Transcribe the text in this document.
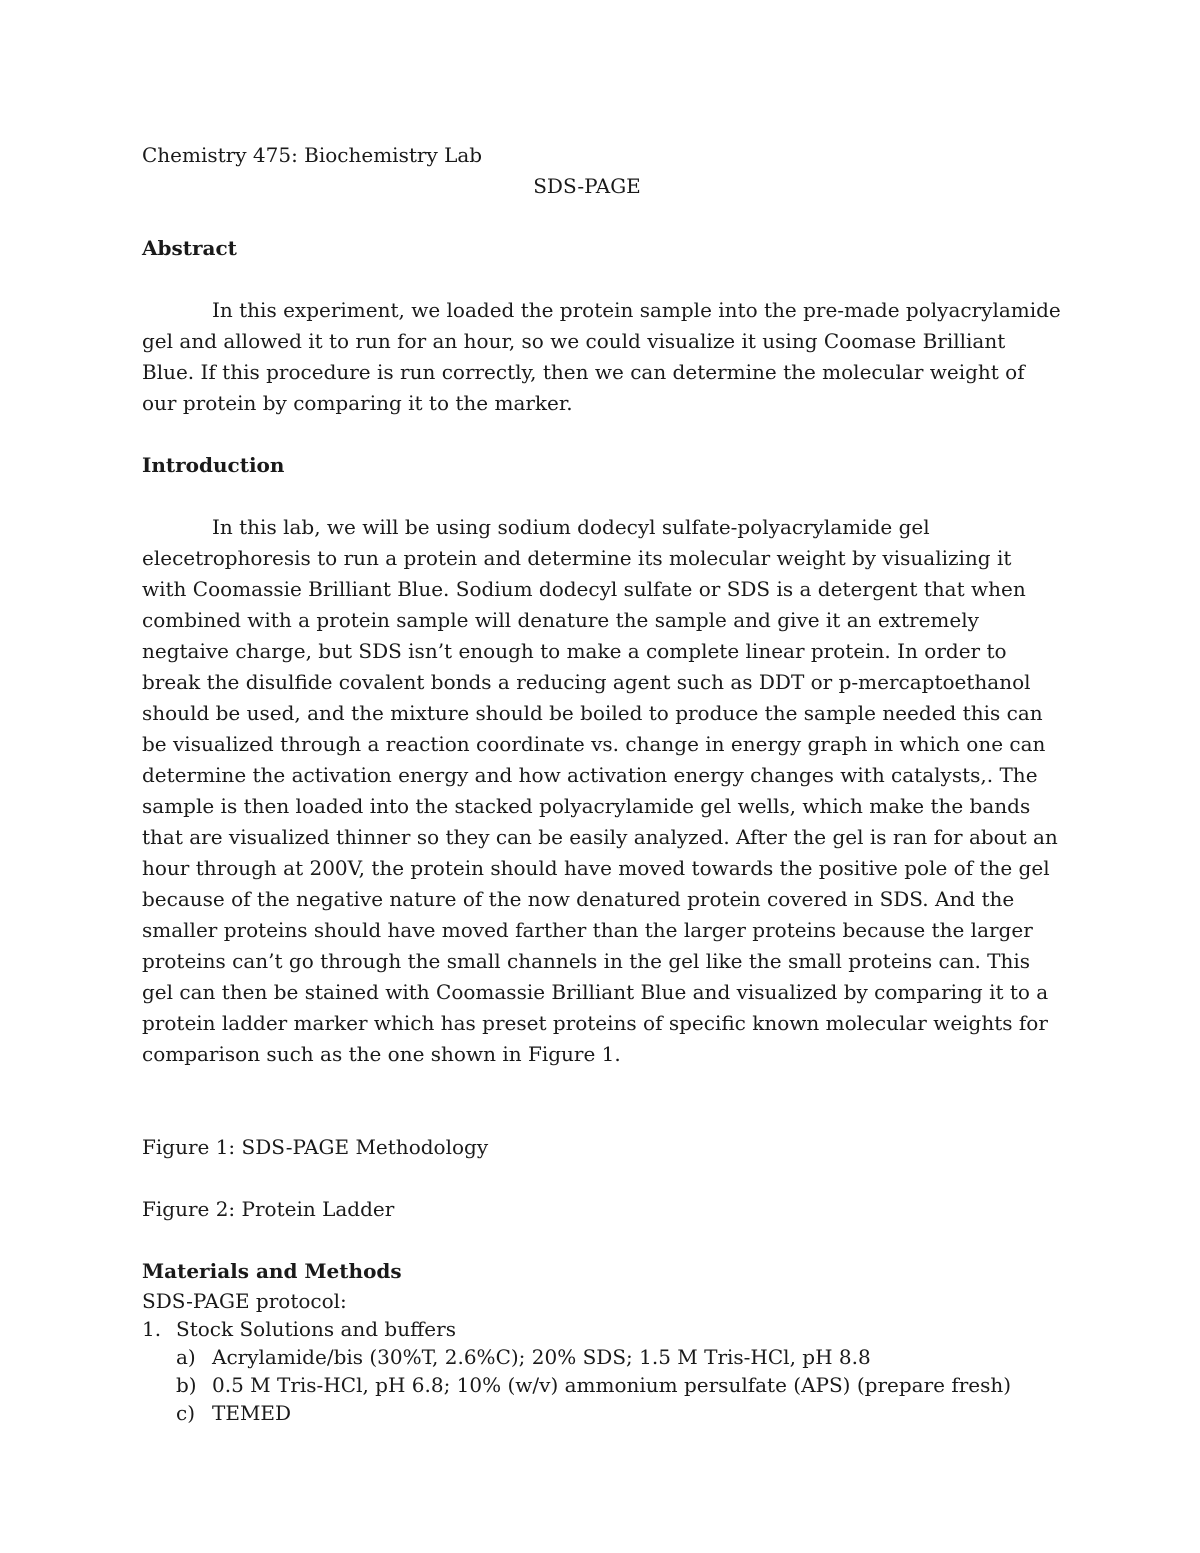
Chemistry 475: Biochemistry Lab

SDS-PAGE

Abstract

In this experiment, we loaded the protein sample into the pre-made polyacrylamide gel and allowed it to run for an hour, so we could visualize it using Coomase Brilliant Blue. If this procedure is run correctly, then we can determine the molecular weight of our protein by comparing it to the marker.

Introduction

In this lab, we will be using sodium dodecyl sulfate-polyacrylamide gel elecetrophoresis to run a protein and determine its molecular weight by visualizing it with Coomassie Brilliant Blue. Sodium dodecyl sulfate or SDS is a detergent that when combined with a protein sample will denature the sample and give it an extremely negtaive charge, but SDS isn’t enough to make a complete linear protein. In order to break the disulfide covalent bonds a reducing agent such as DDT or p-mercaptoethanol should be used, and the mixture should be boiled to produce the sample needed this can be visualized through a reaction coordinate vs. change in energy graph in which one can determine the activation energy and how activation energy changes with catalysts,. The sample is then loaded into the stacked polyacrylamide gel wells, which make the bands that are visualized thinner so they can be easily analyzed. After the gel is ran for about an hour through at 200V, the protein should have moved towards the positive pole of the gel because of the negative nature of the now denatured protein covered in SDS. And the smaller proteins should have moved farther than the larger proteins because the larger proteins can’t go through the small channels in the gel like the small proteins can. This gel can then be stained with Coomassie Brilliant Blue and visualized by comparing it to a protein ladder marker which has preset proteins of specific known molecular weights for comparison such as the one shown in Figure 1.

Figure 1: SDS-PAGE Methodology

Figure 2: Protein Ladder

Materials and Methods

SDS-PAGE protocol:

1. Stock Solutions and buffers
a) Acrylamide/bis (30%T, 2.6%C); 20% SDS; 1.5 M Tris-HCl, pH 8.8
b) 0.5 M Tris-HCl, pH 6.8; 10% (w/v) ammonium persulfate (APS) (prepare fresh)
c) TEMED
